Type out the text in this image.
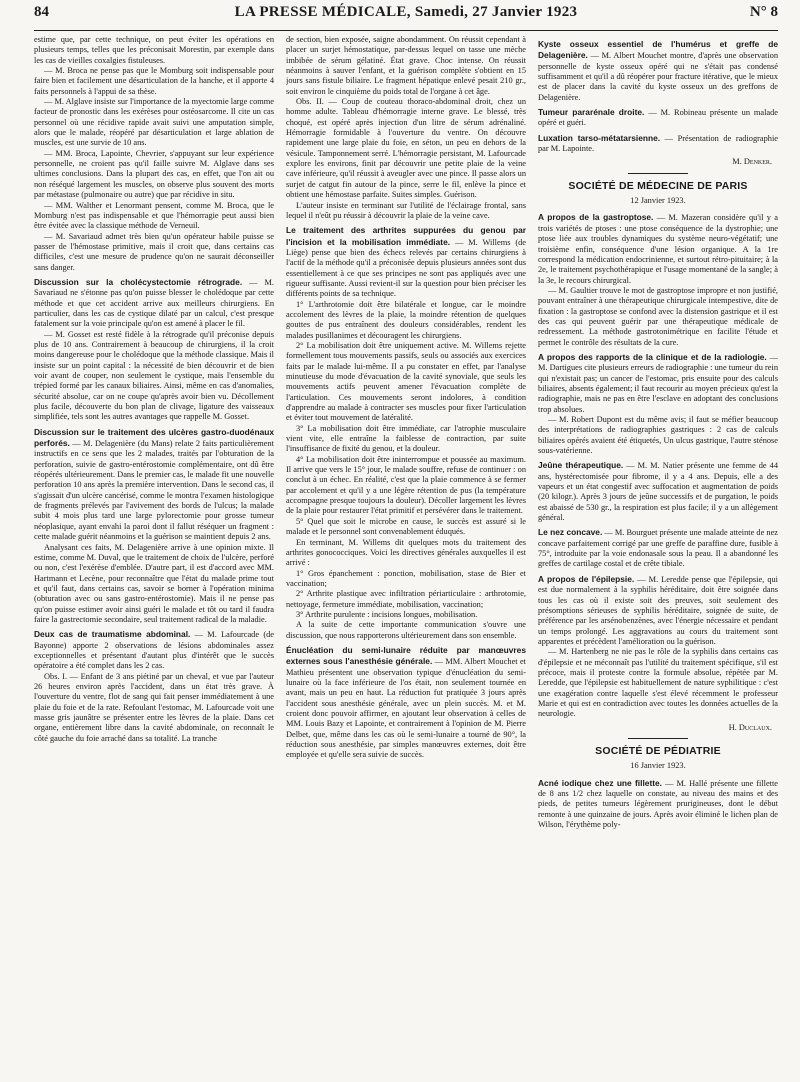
84	LA PRESSE MÉDICALE, Samedi, 27 Janvier 1923	N° 8

estime que, par cette technique, on peut éviter les opérations en plusieurs temps, telles que les préconisait Morestin, par exemple dans les cas de vieilles coxalgies fistuleuses.

— M. Broca ne pense pas que le Momburg soit indispensable pour faire bien et facilement une désarticulation de la hanche, et il apporte 4 faits personnels à l'appui de sa thèse.

— M. Alglave insiste sur l'importance de la myectomie large comme facteur de pronostic dans les exérèses pour ostéosarcome. Il cite un cas personnel où une récidive rapide avait suivi une amputation simple, alors que le malade, réopéré par désarticulation et large ablation de muscles, est une survie de 10 ans.

— MM. Broca, Lapointe, Chevrier, s'appuyant sur leur expérience personnelle, ne croient pas qu'il faille suivre M. Alglave dans ses ultimes conclusions. Dans la plupart des cas, en effet, que l'on ait ou non réséqué largement les muscles, on observe plus souvent des morts par métastase (pulmonaire ou autre) que par récidive in situ.

— MM. Walther et Lenormant pensent, comme M. Broca, que le Momburg n'est pas indispensable et que l'hémorragie peut aussi bien être évitée avec la classique méthode de Verneuil.

— M. Savariaud admet très bien qu'un opérateur habile puisse se passer de l'hémostase primitive, mais il croit que, dans certains cas difficiles, c'est une mesure de prudence qu'on ne saurait déconseiller sans danger.

Discussion sur la cholécystectomie rétrograde. — M. Savariaud ne s'étonne pas qu'on puisse blesser le cholédoque par cette méthode et que cet accident arrive aux meilleurs chirurgiens. En particulier, dans les cas de cystique dilaté par un calcul, c'est presque fatalement sur la voie principale qu'on est amené à placer le fil.

— M. Gosset est resté fidèle à la rétrograde qu'il préconise depuis plus de 10 ans. Contrairement à beaucoup de chirurgiens, il la croit moins dangereuse pour le cholédoque que la méthode classique. Mais il insiste sur un point capital : la nécessité de bien découvrir et de bien voir avant de couper, non seulement le cystique, mais l'ensemble du trépied formé par les canaux biliaires. Ainsi, même en cas d'anomalies, sécurité absolue, car on ne coupe qu'après avoir bien vu. Décollement plus facile, découverte du bon plan de clivage, ligature des vaisseaux simplifiée, tels sont les autres avantages que rappelle M. Gosset.

Discussion sur le traitement des ulcères gastro-duodénaux perforés. — M. Delagenière (du Mans) relate 2 faits particulièrement instructifs en ce sens que les 2 malades, traités par l'obturation de la perforation, suivie de gastro-entérostomie complémentaire, ont dû être réopérés ultérieurement. Dans le premier cas, le malade fit une nouvelle perforation 10 ans après la première intervention. Dans le second cas, il s'agissait d'un ulcère cancérisé, comme le montra l'examen histologique de fragments prélevés par l'avivement des bords de l'ulcus; la malade subit 4 mois plus tard une large pylorectomie pour grosse tumeur néoplasique, ayant envahi la paroi dont il fallut réséquer un fragment : cette malade guérit néanmoins et la guérison se maintient depuis 2 ans.

Analysant ces faits, M. Delagenière arrive à une opinion mixte. Il estime, comme M. Duval, que le traitement de choix de l'ulcère, perforé ou non, c'est l'exérèse d'emblée. D'autre part, il est d'accord avec MM. Hartmann et Lecène, pour reconnaître que l'état du malade prime tout et qu'il faut, dans certains cas, savoir se borner à l'opération minima (obturation avec ou sans gastro-entérostomie). Mais il ne pense pas qu'on puisse estimer avoir ainsi guéri le malade et tôt ou tard il faudra faire la gastrectomie secondaire, seul traitement radical de la maladie.

Deux cas de traumatisme abdominal. — M. Lafourcade (de Bayonne) apporte 2 observations de lésions abdominales assez exceptionnelles et présentant d'autant plus d'intérêt que le succès opératoire a été complet dans les 2 cas.

Obs. I. — Enfant de 3 ans piétiné par un cheval, et vue par l'auteur 26 heures environ après l'accident, dans un état très grave. À l'ouverture du ventre, flot de sang qui fait penser immédiatement à une plaie du foie et de la rate. Refoulant l'estomac, M. Lafourcade voit une masse gris jaunâtre se présenter entre les lèvres de la plaie. Dans cet organe, entièrement libre dans la cavité abdominale, on reconnaît le côté gauche du foie arraché dans sa totalité. La tranche

de section, bien exposée, saigne abondamment. On réussit cependant à placer un surjet hémostatique, par-dessus lequel on tasse une mèche imbibée de sérum gélatiné. État grave. Choc intense. On réussit néanmoins à sauver l'enfant, et la guérison complète s'obtient en 15 jours sans fistule biliaire. Le fragment hépatique enlevé pesait 210 gr., soit environ le cinquième du poids total de l'organe à cet âge.

Obs. II. — Coup de couteau thoraco-abdominal droit, chez un homme adulte. Tableau d'hémorragie interne grave. Le blessé, très choqué, est opéré après injection d'un litre de sérum adrénaliné. Hémorragie formidable à l'ouverture du ventre. On découvre rapidement une large plaie du foie, en séton, un peu en dehors de la vésicule. Tamponnement serré. L'hémorragie persistant, M. Lafourcade explore les environs, finit par découvrir une petite plaie de la veine cave inférieure, qu'il réussit à aveugler avec une pince. Il passe alors un surjet de catgut fin autour de la pince, serre le fil, enlève la pince et obtient une hémostase parfaite. Suites simples. Guérison.

L'auteur insiste en terminant sur l'utilité de l'éclairage frontal, sans lequel il n'eût pu réussir à découvrir la plaie de la veine cave.

Le traitement des arthrites suppurées du genou par l'incision et la mobilisation immédiate. — M. Willems (de Liège) pense que bien des échecs relevés par certains chirurgiens à l'actif de la méthode qu'il a préconisée depuis plusieurs années sont dus essentiellement à ce que ses principes ne sont pas appliqués avec une rigueur suffisante. Aussi revient-il sur la question pour bien préciser les différents points de sa technique.

1° L'arthrotomie doit être bilatérale et longue, car le moindre accolement des lèvres de la plaie, la moindre rétention de quelques gouttes de pus entraînent des douleurs considérables, rendent les malades pusillanimes et découragent les chirurgiens.

2° La mobilisation doit être uniquement active. M. Willems rejette formellement tous mouvements passifs, seuls ou associés aux exercices faits par le malade lui-même. Il a pu constater en effet, par l'analyse minutieuse du mode d'évacuation de la cavité synoviale, que seuls les mouvements actifs peuvent amener l'évacuation complète de l'articulation. Ces mouvements seront indolores, à condition d'apprendre au malade à contracter ses muscles pour fixer l'articulation et éviter tout mouvement de latéralité.

3° La mobilisation doit être immédiate, car l'atrophie musculaire vient vite, elle entraîne la faiblesse de contraction, par suite l'insuffisance de fixité du genou, et la douleur.

4° La mobilisation doit être ininterrompue et poussée au maximum. Il arrive que vers le 15° jour, le malade souffre, refuse de continuer : on conclut à un échec. En réalité, c'est que la plaie commence à se fermer par accolement et qu'il y a une légère rétention de pus (la température accompagne presque toujours la douleur). Décoller largement les lèvres de la plaie pour restaurer l'état primitif et persévérer dans le traitement.

5° Quel que soit le microbe en cause, le succès est assuré si le malade et le personnel sont convenablement éduqués.

En terminant, M. Willems dit quelques mots du traitement des arthrites gonococciques. Voici les directives générales auxquelles il est arrivé :

1° Gros épanchement : ponction, mobilisation, stase de Bier et vaccination;

2° Arthrite plastique avec infiltration périarticulaire : arthrotomie, nettoyage, fermeture immédiate, mobilisation, vaccination;

3° Arthrite purulente : incisions longues, mobilisation.

A la suite de cette importante communication s'ouvre une discussion, que nous rapporterons ultérieurement dans son ensemble.

Énucléation du semi-lunaire réduite par manœuvres externes sous l'anesthésie générale. — MM. Albert Mouchet et Mathieu présentent une observation typique d'énucléation du semi-lunaire où la face inférieure de l'os était, non seulement tournée en avant, mais un peu en haut. La réduction fut pratiquée 3 jours après l'accident sous anesthésie générale, avec un plein succès. M. et M. croient donc pouvoir affirmer, en ajoutant leur observation à celles de MM. Louis Bazy et Lapointe, et contrairement à l'opinion de M. Pierre Delbet, que, même dans les cas où le semi-lunaire a tourné de 90°, la réduction sous anesthésie, par simples manœuvres externes, doit être employée et qu'elle sera suivie de succès.

Kyste osseux essentiel de l'humérus et greffe de Delagenière. — M. Albert Mouchet montre, d'après une observation personnelle de kyste osseux opéré qui ne s'était pas condensé suffisamment et qu'il a dû réopérer pour fracture itérative, que le mieux est de placer dans la cavité du kyste osseux un des greffons de Delagenière.

Tumeur pararénale droite. — M. Robineau présente un malade opéré et guéri.

Luxation tarso-métatarsienne. — Présentation de radiographie par M. Lapointe.

M. Denker.

SOCIÉTÉ DE MÉDECINE DE PARIS

12 Janvier 1923.

A propos de la gastroptose. — M. Mazeran considère qu'il y a trois variétés de ptoses : une ptose conséquence de la dystrophie; une ptose liée aux troubles dynamiques du système neuro-végétatif; une troisième enfin, conséquence d'une lésion organique. A la 1re correspond la médication endocrinienne, et surtout rétro-pituitaire; à la 2e, le traitement psychothérapique et l'usage momentané de la sangle; à la 3e, le recours chirurgical.

— M. Gaultier trouve le mot de gastroptose impropre et non justifié, pouvant entraîner à une thérapeutique chirurgicale intempestive, dite de fixation : la gastroptose se confond avec la distension gastrique et il est des cas qui peuvent guérir par une thérapeutique médicale de redressement. La méthode gastrotonimétrique en facilite l'étude et permet le contrôle des résultats de la cure.

A propos des rapports de la clinique et de la radiologie. — M. Dartigues cite plusieurs erreurs de radiographie : une tumeur du rein qui n'existait pas; un cancer de l'estomac, pris ensuite pour des calculs biliaires, absents également; il faut recourir au moyen précieux qu'est la radiographie, mais ne pas en être l'esclave en adoptant des conclusions trop absolues.

— M. Robert Dupont est du même avis; il faut se méfier beaucoup des interprétations de radiographies gastriques : 2 cas de calculs biliaires opérés avaient été étiquetés, Un ulcus gastrique, l'autre sténose sous-vatérienne.

Jeûne thérapeutique. — M. M. Natier présente une femme de 44 ans, hystérectomisée pour fibrome, il y a 4 ans. Depuis, elle a des vapeurs et un état congestif avec suffocation et augmentation de poids (20 kilogr.). Après 3 jours de jeûne successifs et de purgation, le poids est abaissé de 530 gr., la respiration est plus facile; il y a un allègement général.

Le nez concave. — M. Bourguet présente une malade atteinte de nez concave parfaitement corrigé par une greffe de paraffine dure, fusible à 75°, introduite par la voie endonasale sous la peau. Il a abandonné les greffes de cartilage costal et de crête tibiale.

A propos de l'épilepsie. — M. Leredde pense que l'épilepsie, qui est due normalement à la syphilis héréditaire, doit être soignée dans tous les cas où il existe soit des preuves, soit seulement des présomptions sérieuses de syphilis héréditaire, soignée de suite, de préférence par les arsénobenzènes, avec l'énergie nécessaire et pendant un temps prolongé. Les aggravations au cours du traitement sont apparentes et précèdent l'amélioration ou la guérison.

— M. Hartenberg ne nie pas le rôle de la syphilis dans certains cas d'épilepsie et ne méconnaît pas l'utilité du traitement spécifique, s'il est précoce, mais il proteste contre la formule absolue, répétée par M. Leredde, que l'épilepsie est habituellement de nature syphilitique : c'est une exagération contre laquelle s'est élevé récemment le professeur Marie et qui est en contradiction avec toutes les données actuelles de la neurologie.

H. Duclaux.

SOCIÉTÉ DE PÉDIATRIE

16 Janvier 1923.

Acné iodique chez une fillette. — M. Hallé présente une fillette de 8 ans 1/2 chez laquelle on constate, au niveau des mains et des pieds, de petites tumeurs légèrement prurigineuses, dont le début remonte à une quinzaine de jours. Après avoir éliminé le lichen plan de Wilson, l'érythème poly-
